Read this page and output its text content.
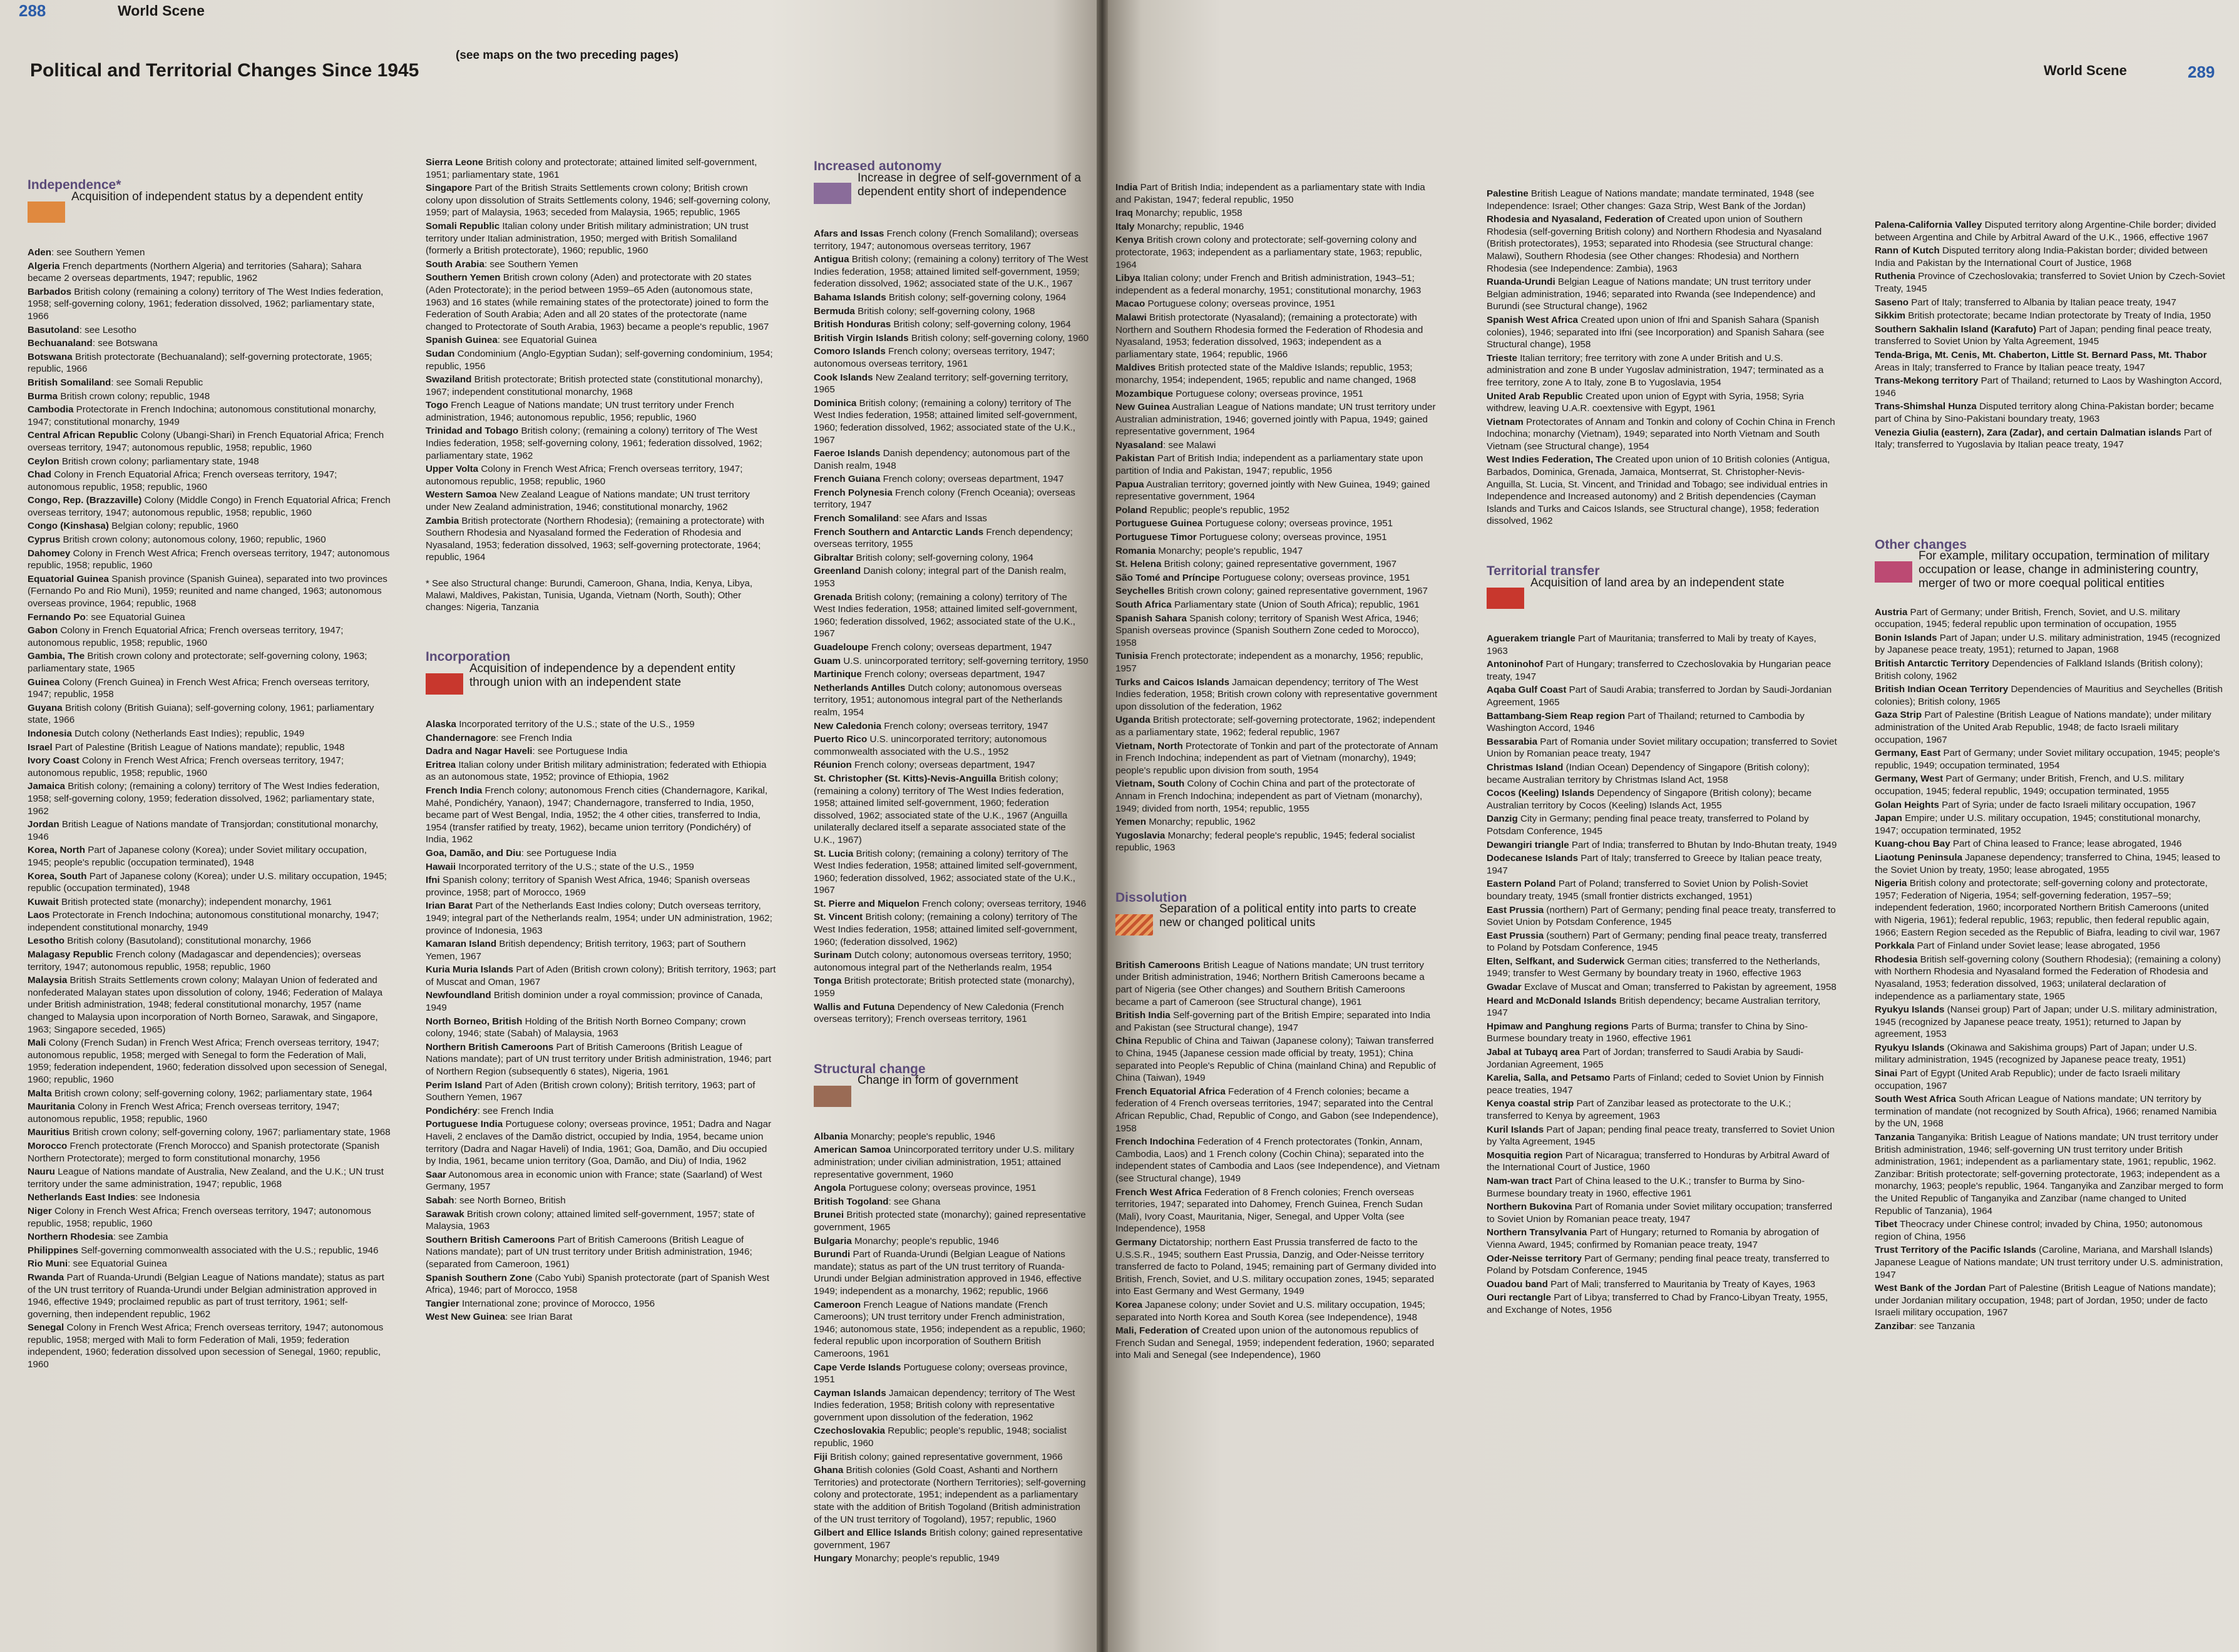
288	World Scene
Political and Territorial Changes Since 1945
(see maps on the two preceding pages)
Independence*
Acquisition of independent status by a dependent entity

Aden: see Southern Yemen

Algeria French departments (Northern Algeria) and territories (Sahara); Sahara became 2 overseas departments, 1947; republic, 1962

Barbados British colony (remaining a colony) territory of The West Indies federation, 1958; self-governing colony, 1961; federation dissolved, 1962; parliamentary state, 1966

Basutoland: see Lesotho

Bechuanaland: see Botswana

Botswana British protectorate (Bechuanaland); self-governing protectorate, 1965; republic, 1966

British Somaliland: see Somali Republic

Burma British crown colony; republic, 1948

Cambodia Protectorate in French Indochina; autonomous constitutional monarchy, 1947; constitutional monarchy, 1949

Central African Republic Colony (Ubangi-Shari) in French Equatorial Africa; French overseas territory, 1947; autonomous republic, 1958; republic, 1960

Ceylon British crown colony; parliamentary state, 1948

Chad Colony in French Equatorial Africa; French overseas territory, 1947; autonomous republic, 1958; republic, 1960

Congo, Rep. (Brazzaville) Colony (Middle Congo) in French Equatorial Africa; French overseas territory, 1947; autonomous republic, 1958; republic, 1960

Congo (Kinshasa) Belgian colony; republic, 1960

Cyprus British crown colony; autonomous colony, 1960; republic, 1960

Dahomey Colony in French West Africa; French overseas territory, 1947; autonomous republic, 1958; republic, 1960

Equatorial Guinea Spanish province (Spanish Guinea), separated into two provinces (Fernando Po and Rio Muni), 1959; reunited and name changed, 1963; autonomous overseas province, 1964; republic, 1968

Fernando Po: see Equatorial Guinea

Gabon Colony in French Equatorial Africa; French overseas territory, 1947; autonomous republic, 1958; republic, 1960

Gambia, The British crown colony and protectorate; self-governing colony, 1963; parliamentary state, 1965

Guinea Colony (French Guinea) in French West Africa; French overseas territory, 1947; republic, 1958

Guyana British colony (British Guiana); self-governing colony, 1961; parliamentary state, 1966

Indonesia Dutch colony (Netherlands East Indies); republic, 1949

Israel Part of Palestine (British League of Nations mandate); republic, 1948

Ivory Coast Colony in French West Africa; French overseas territory, 1947; autonomous republic, 1958; republic, 1960

Jamaica British colony; (remaining a colony) territory of The West Indies federation, 1958; self-governing colony, 1959; federation dissolved, 1962; parliamentary state, 1962

Jordan British League of Nations mandate of Transjordan; constitutional monarchy, 1946

Korea, North Part of Japanese colony (Korea); under Soviet military occupation, 1945; people's republic (occupation terminated), 1948

Korea, South Part of Japanese colony (Korea); under U.S. military occupation, 1945; republic (occupation terminated), 1948

Kuwait British protected state (monarchy); independent monarchy, 1961

Laos Protectorate in French Indochina; autonomous constitutional monarchy, 1947; independent constitutional monarchy, 1949

Lesotho British colony (Basutoland); constitutional monarchy, 1966

Malagasy Republic French colony (Madagascar and dependencies); overseas territory, 1947; autonomous republic, 1958; republic, 1960

Malaysia British Straits Settlements crown colony; Malayan Union of federated and nonfederated Malayan states upon dissolution of colony, 1946; Federation of Malaya under British administration, 1948; federal constitutional monarchy, 1957 (name changed to Malaysia upon incorporation of North Borneo, Sarawak, and Singapore, 1963; Singapore seceded, 1965)

Mali Colony (French Sudan) in French West Africa; French overseas territory, 1947; autonomous republic, 1958; merged with Senegal to form the Federation of Mali, 1959; federation independent, 1960; federation dissolved upon secession of Senegal, 1960; republic, 1960

Malta British crown colony; self-governing colony, 1962; parliamentary state, 1964

Mauritania Colony in French West Africa; French overseas territory, 1947; autonomous republic, 1958; republic, 1960

Mauritius British crown colony; self-governing colony, 1967; parliamentary state, 1968

Morocco French protectorate (French Morocco) and Spanish protectorate (Spanish Northern Protectorate); merged to form constitutional monarchy, 1956

Nauru League of Nations mandate of Australia, New Zealand, and the U.K.; UN trust territory under the same administration, 1947; republic, 1968

Netherlands East Indies: see Indonesia

Niger Colony in French West Africa; French overseas territory, 1947; autonomous republic, 1958; republic, 1960

Northern Rhodesia: see Zambia

Philippines Self-governing commonwealth associated with the U.S.; republic, 1946

Rio Muni: see Equatorial Guinea

Rwanda Part of Ruanda-Urundi (Belgian League of Nations mandate); status as part of the UN trust territory of Ruanda-Urundi under Belgian administration approved in 1946, effective 1949; proclaimed republic as part of trust territory, 1961; self-governing, then independent republic, 1962

Senegal Colony in French West Africa; French overseas territory, 1947; autonomous republic, 1958; merged with Mali to form Federation of Mali, 1959; federation independent, 1960; federation dissolved upon secession of Senegal, 1960; republic, 1960

Sierra Leone British colony and protectorate; attained limited self-government, 1951; parliamentary state, 1961

Singapore Part of the British Straits Settlements crown colony; British crown colony upon dissolution of Straits Settlements colony, 1946; self-governing colony, 1959; part of Malaysia, 1963; seceded from Malaysia, 1965; republic, 1965

Somali Republic Italian colony under British military administration; UN trust territory under Italian administration, 1950; merged with British Somaliland (formerly a British protectorate), 1960; republic, 1960

South Arabia: see Southern Yemen

Southern Yemen British crown colony (Aden) and protectorate with 20 states (Aden Protectorate); in the period between 1959–65 Aden (autonomous state, 1963) and 16 states (while remaining states of the protectorate) joined to form the Federation of South Arabia; Aden and all 20 states of the protectorate (name changed to Protectorate of South Arabia, 1963) became a people's republic, 1967

Spanish Guinea: see Equatorial Guinea

Sudan Condominium (Anglo-Egyptian Sudan); self-governing condominium, 1954; republic, 1956

Swaziland British protectorate; British protected state (constitutional monarchy), 1967; independent constitutional monarchy, 1968

Togo French League of Nations mandate; UN trust territory under French administration, 1946; autonomous republic, 1956; republic, 1960

Trinidad and Tobago British colony; (remaining a colony) territory of The West Indies federation, 1958; self-governing colony, 1961; federation dissolved, 1962; parliamentary state, 1962

Upper Volta Colony in French West Africa; French overseas territory, 1947; autonomous republic, 1958; republic, 1960

Western Samoa New Zealand League of Nations mandate; UN trust territory under New Zealand administration, 1946; constitutional monarchy, 1962

Zambia British protectorate (Northern Rhodesia); (remaining a protectorate) with Southern Rhodesia and Nyasaland formed the Federation of Rhodesia and Nyasaland, 1953; federation dissolved, 1963; self-governing protectorate, 1964; republic, 1964

* See also Structural change: Burundi, Cameroon, Ghana, India, Kenya, Libya, Malawi, Maldives, Pakistan, Tunisia, Uganda, Vietnam (North, South); Other changes: Nigeria, Tanzania
Incorporation
Acquisition of independence by a dependent entity through union with an independent state

Alaska Incorporated territory of the U.S.; state of the U.S., 1959

Chandernagore: see French India

Dadra and Nagar Haveli: see Portuguese India

Eritrea Italian colony under British military administration; federated with Ethiopia as an autonomous state, 1952; province of Ethiopia, 1962

French India French colony; autonomous French cities (Chandernagore, Karikal, Mahé, Pondichéry, Yanaon), 1947; Chandernagore, transferred to India, 1950, became part of West Bengal, India, 1952; the 4 other cities, transferred to India, 1954 (transfer ratified by treaty, 1962), became union territory (Pondichéry) of India, 1962

Goa, Damão, and Diu: see Portuguese India

Hawaii Incorporated territory of the U.S.; state of the U.S., 1959

Ifni Spanish colony; territory of Spanish West Africa, 1946; Spanish overseas province, 1958; part of Morocco, 1969

Irian Barat Part of the Netherlands East Indies colony; Dutch overseas territory, 1949; integral part of the Netherlands realm, 1954; under UN administration, 1962; province of Indonesia, 1963

Kamaran Island British dependency; British territory, 1963; part of Southern Yemen, 1967

Kuria Muria Islands Part of Aden (British crown colony); British territory, 1963; part of Muscat and Oman, 1967

Newfoundland British dominion under a royal commission; province of Canada, 1949

North Borneo, British Holding of the British North Borneo Company; crown colony, 1946; state (Sabah) of Malaysia, 1963

Northern British Cameroons Part of British Cameroons (British League of Nations mandate); part of UN trust territory under British administration, 1946; part of Northern Region (subsequently 6 states), Nigeria, 1961

Perim Island Part of Aden (British crown colony); British territory, 1963; part of Southern Yemen, 1967

Pondichéry: see French India

Portuguese India Portuguese colony; overseas province, 1951; Dadra and Nagar Haveli, 2 enclaves of the Damão district, occupied by India, 1954, became union territory (Dadra and Nagar Haveli) of India, 1961; Goa, Damão, and Diu occupied by India, 1961, became union territory (Goa, Damão, and Diu) of India, 1962

Saar Autonomous area in economic union with France; state (Saarland) of West Germany, 1957

Sabah: see North Borneo, British

Sarawak British crown colony; attained limited self-government, 1957; state of Malaysia, 1963

Southern British Cameroons Part of British Cameroons (British League of Nations mandate); part of UN trust territory under British administration, 1946; (separated from Cameroon, 1961)

Spanish Southern Zone (Cabo Yubi) Spanish protectorate (part of Spanish West Africa), 1946; part of Morocco, 1958

Tangier International zone; province of Morocco, 1956

West New Guinea: see Irian Barat

Increased autonomy
Increase in degree of self-government of a dependent entity short of independence

Afars and Issas French colony (French Somaliland); overseas territory, 1947; autonomous overseas territory, 1967

Antigua British colony; (remaining a colony) territory of The West Indies federation, 1958; attained limited self-government, 1959; federation dissolved, 1962; associated state of the U.K., 1967

Bahama Islands British colony; self-governing colony, 1964

Bermuda British colony; self-governing colony, 1968

British Honduras British colony; self-governing colony, 1964

British Virgin Islands British colony; self-governing colony, 1960

Comoro Islands French colony; overseas territory, 1947; autonomous overseas territory, 1961

Cook Islands New Zealand territory; self-governing territory, 1965

Dominica British colony; (remaining a colony) territory of The West Indies federation, 1958; attained limited self-government, 1960; federation dissolved, 1962; associated state of the U.K., 1967

Faeroe Islands Danish dependency; autonomous part of the Danish realm, 1948

French Guiana French colony; overseas department, 1947

French Polynesia French colony (French Oceania); overseas territory, 1947

French Somaliland: see Afars and Issas

French Southern and Antarctic Lands French dependency; overseas territory, 1955

Gibraltar British colony; self-governing colony, 1964

Greenland Danish colony; integral part of the Danish realm, 1953

Grenada British colony; (remaining a colony) territory of The West Indies federation, 1958; attained limited self-government, 1960; federation dissolved, 1962; associated state of the U.K., 1967

Guadeloupe French colony; overseas department, 1947

Guam U.S. unincorporated territory; self-governing territory, 1950

Martinique French colony; overseas department, 1947

Netherlands Antilles Dutch colony; autonomous overseas territory, 1951; autonomous integral part of the Netherlands realm, 1954

New Caledonia French colony; overseas territory, 1947

Puerto Rico U.S. unincorporated territory; autonomous commonwealth associated with the U.S., 1952

Réunion French colony; overseas department, 1947

St. Christopher (St. Kitts)-Nevis-Anguilla British colony; (remaining a colony) territory of The West Indies federation, 1958; attained limited self-government, 1960; federation dissolved, 1962; associated state of the U.K., 1967 (Anguilla unilaterally declared itself a separate associated state of the U.K., 1967)

St. Lucia British colony; (remaining a colony) territory of The West Indies federation, 1958; attained limited self-government, 1960; federation dissolved, 1962; associated state of the U.K., 1967

St. Pierre and Miquelon French colony; overseas territory, 1946

St. Vincent British colony; (remaining a colony) territory of The West Indies federation, 1958; attained limited self-government, 1960; (federation dissolved, 1962)

Surinam Dutch colony; autonomous overseas territory, 1950; autonomous integral part of the Netherlands realm, 1954

Tonga British protectorate; British protected state (monarchy), 1959

Wallis and Futuna Dependency of New Caledonia (French overseas territory); French overseas territory, 1961

Structural change
Change in form of government

Albania Monarchy; people's republic, 1946

American Samoa Unincorporated territory under U.S. military administration; under civilian administration, 1951; attained representative government, 1960

Angola Portuguese colony; overseas province, 1951

British Togoland: see Ghana

Brunei British protected state (monarchy); gained representative government, 1965

Bulgaria Monarchy; people's republic, 1946

Burundi Part of Ruanda-Urundi (Belgian League of Nations mandate); status as part of the UN trust territory of Ruanda-Urundi under Belgian administration approved in 1946, effective 1949; independent as a monarchy, 1962; republic, 1966

Cameroon French League of Nations mandate (French Cameroons); UN trust territory under French administration, 1946; autonomous state, 1956; independent as a republic, 1960; federal republic upon incorporation of Southern British Cameroons, 1961

Cape Verde Islands Portuguese colony; overseas province, 1951

Cayman Islands Jamaican dependency; territory of The West Indies federation, 1958; British colony with representative government upon dissolution of the federation, 1962

Czechoslovakia Republic; people's republic, 1948; socialist republic, 1960

Fiji British colony; gained representative government, 1966

Ghana British colonies (Gold Coast, Ashanti and Northern Territories) and protectorate (Northern Territories); self-governing colony and protectorate, 1951; independent as a parliamentary state with the addition of British Togoland (British administration of the UN trust territory of Togoland), 1957; republic, 1960

Gilbert and Ellice Islands British colony; gained representative government, 1967

Hungary Monarchy; people's republic, 1949

World Scene	289

India Part of British India; independent as a parliamentary state with India and Pakistan, 1947; federal republic, 1950

Iraq Monarchy; republic, 1958

Italy Monarchy; republic, 1946

Kenya British crown colony and protectorate; self-governing colony and protectorate, 1963; independent as a parliamentary state, 1963; republic, 1964

Libya Italian colony; under French and British administration, 1943–51; independent as a federal monarchy, 1951; constitutional monarchy, 1963

Macao Portuguese colony; overseas province, 1951

Malawi British protectorate (Nyasaland); (remaining a protectorate) with Northern and Southern Rhodesia formed the Federation of Rhodesia and Nyasaland, 1953; federation dissolved, 1963; independent as a parliamentary state, 1964; republic, 1966

Maldives British protected state of the Maldive Islands; republic, 1953; monarchy, 1954; independent, 1965; republic and name changed, 1968

Mozambique Portuguese colony; overseas province, 1951

New Guinea Australian League of Nations mandate; UN trust territory under Australian administration, 1946; governed jointly with Papua, 1949; gained representative government, 1964

Nyasaland: see Malawi

Pakistan Part of British India; independent as a parliamentary state upon partition of India and Pakistan, 1947; republic, 1956

Papua Australian territory; governed jointly with New Guinea, 1949; gained representative government, 1964

Poland Republic; people's republic, 1952

Portuguese Guinea Portuguese colony; overseas province, 1951

Portuguese Timor Portuguese colony; overseas province, 1951

Romania Monarchy; people's republic, 1947

St. Helena British colony; gained representative government, 1967

São Tomé and Príncipe Portuguese colony; overseas province, 1951

Seychelles British crown colony; gained representative government, 1967

South Africa Parliamentary state (Union of South Africa); republic, 1961

Spanish Sahara Spanish colony; territory of Spanish West Africa, 1946; Spanish overseas province (Spanish Southern Zone ceded to Morocco), 1958

Tunisia French protectorate; independent as a monarchy, 1956; republic, 1957

Turks and Caicos Islands Jamaican dependency; territory of The West Indies federation, 1958; British crown colony with representative government upon dissolution of the federation, 1962

Uganda British protectorate; self-governing protectorate, 1962; independent as a parliamentary state, 1962; federal republic, 1967

Vietnam, North Protectorate of Tonkin and part of the protectorate of Annam in French Indochina; independent as part of Vietnam (monarchy), 1949; people's republic upon division from south, 1954

Vietnam, South Colony of Cochin China and part of the protectorate of Annam in French Indochina; independent as part of Vietnam (monarchy), 1949; divided from north, 1954; republic, 1955

Yemen Monarchy; republic, 1962

Yugoslavia Monarchy; federal people's republic, 1945; federal socialist republic, 1963

Dissolution
Separation of a political entity into parts to create new or changed political units

British Cameroons British League of Nations mandate; UN trust territory under British administration, 1946; Northern British Cameroons became a part of Nigeria (see Other changes) and Southern British Cameroons became a part of Cameroon (see Structural change), 1961

British India Self-governing part of the British Empire; separated into India and Pakistan (see Structural change), 1947

China Republic of China and Taiwan (Japanese colony); Taiwan transferred to China, 1945 (Japanese cession made official by treaty, 1951); China separated into People's Republic of China (mainland China) and Republic of China (Taiwan), 1949

French Equatorial Africa Federation of 4 French colonies; became a federation of 4 French overseas territories, 1947; separated into the Central African Republic, Chad, Republic of Congo, and Gabon (see Independence), 1958

French Indochina Federation of 4 French protectorates (Tonkin, Annam, Cambodia, Laos) and 1 French colony (Cochin China); separated into the independent states of Cambodia and Laos (see Independence), and Vietnam (see Structural change), 1949

French West Africa Federation of 8 French colonies; French overseas territories, 1947; separated into Dahomey, French Guinea, French Sudan (Mali), Ivory Coast, Mauritania, Niger, Senegal, and Upper Volta (see Independence), 1958

Germany Dictatorship; northern East Prussia transferred de facto to the U.S.S.R., 1945; southern East Prussia, Danzig, and Oder-Neisse territory transferred de facto to Poland, 1945; remaining part of Germany divided into British, French, Soviet, and U.S. military occupation zones, 1945; separated into East Germany and West Germany, 1949

Korea Japanese colony; under Soviet and U.S. military occupation, 1945; separated into North Korea and South Korea (see Independence), 1948

Mali, Federation of Created upon union of the autonomous republics of French Sudan and Senegal, 1959; independent federation, 1960; separated into Mali and Senegal (see Independence), 1960

Palestine British League of Nations mandate; mandate terminated, 1948 (see Independence: Israel; Other changes: Gaza Strip, West Bank of the Jordan)

Rhodesia and Nyasaland, Federation of Created upon union of Southern Rhodesia (self-governing British colony) and Northern Rhodesia and Nyasaland (British protectorates), 1953; separated into Rhodesia (see Structural change: Malawi), Southern Rhodesia (see Other changes: Rhodesia) and Northern Rhodesia (see Independence: Zambia), 1963

Ruanda-Urundi Belgian League of Nations mandate; UN trust territory under Belgian administration, 1946; separated into Rwanda (see Independence) and Burundi (see Structural change), 1962

Spanish West Africa Created upon union of Ifni and Spanish Sahara (Spanish colonies), 1946; separated into Ifni (see Incorporation) and Spanish Sahara (see Structural change), 1958

Trieste Italian territory; free territory with zone A under British and U.S. administration and zone B under Yugoslav administration, 1947; terminated as a free territory, zone A to Italy, zone B to Yugoslavia, 1954

United Arab Republic Created upon union of Egypt with Syria, 1958; Syria withdrew, leaving U.A.R. coextensive with Egypt, 1961

Vietnam Protectorates of Annam and Tonkin and colony of Cochin China in French Indochina; monarchy (Vietnam), 1949; separated into North Vietnam and South Vietnam (see Structural change), 1954

West Indies Federation, The Created upon union of 10 British colonies (Antigua, Barbados, Dominica, Grenada, Jamaica, Montserrat, St. Christopher-Nevis-Anguilla, St. Lucia, St. Vincent, and Trinidad and Tobago; see individual entries in Independence and Increased autonomy) and 2 British dependencies (Cayman Islands and Turks and Caicos Islands, see Structural change), 1958; federation dissolved, 1962

Territorial transfer
Acquisition of land area by an independent state

Aguerakem triangle Part of Mauritania; transferred to Mali by treaty of Kayes, 1963

Antoninohof Part of Hungary; transferred to Czechoslovakia by Hungarian peace treaty, 1947

Aqaba Gulf Coast Part of Saudi Arabia; transferred to Jordan by Saudi-Jordanian Agreement, 1965

Battambang-Siem Reap region Part of Thailand; returned to Cambodia by Washington Accord, 1946

Bessarabia Part of Romania under Soviet military occupation; transferred to Soviet Union by Romanian peace treaty, 1947

Christmas Island (Indian Ocean) Dependency of Singapore (British colony); became Australian territory by Christmas Island Act, 1958

Cocos (Keeling) Islands Dependency of Singapore (British colony); became Australian territory by Cocos (Keeling) Islands Act, 1955

Danzig City in Germany; pending final peace treaty, transferred to Poland by Potsdam Conference, 1945

Dewangiri triangle Part of India; transferred to Bhutan by Indo-Bhutan treaty, 1949

Dodecanese Islands Part of Italy; transferred to Greece by Italian peace treaty, 1947

Eastern Poland Part of Poland; transferred to Soviet Union by Polish-Soviet boundary treaty, 1945 (small frontier districts exchanged, 1951)

East Prussia (northern) Part of Germany; pending final peace treaty, transferred to Soviet Union by Potsdam Conference, 1945

East Prussia (southern) Part of Germany; pending final peace treaty, transferred to Poland by Potsdam Conference, 1945

Elten, Selfkant, and Suderwick German cities; transferred to the Netherlands, 1949; transfer to West Germany by boundary treaty in 1960, effective 1963

Gwadar Exclave of Muscat and Oman; transferred to Pakistan by agreement, 1958

Heard and McDonald Islands British dependency; became Australian territory, 1947

Hpimaw and Panghung regions Parts of Burma; transfer to China by Sino-Burmese boundary treaty in 1960, effective 1961

Jabal at Tubayq area Part of Jordan; transferred to Saudi Arabia by Saudi-Jordanian Agreement, 1965

Karelia, Salla, and Petsamo Parts of Finland; ceded to Soviet Union by Finnish peace treaties, 1947

Kenya coastal strip Part of Zanzibar leased as protectorate to the U.K.; transferred to Kenya by agreement, 1963

Kuril Islands Part of Japan; pending final peace treaty, transferred to Soviet Union by Yalta Agreement, 1945

Mosquitia region Part of Nicaragua; transferred to Honduras by Arbitral Award of the International Court of Justice, 1960

Nam-wan tract Part of China leased to the U.K.; transfer to Burma by Sino-Burmese boundary treaty in 1960, effective 1961

Northern Bukovina Part of Romania under Soviet military occupation; transferred to Soviet Union by Romanian peace treaty, 1947

Northern Transylvania Part of Hungary; returned to Romania by abrogation of Vienna Award, 1945; confirmed by Romanian peace treaty, 1947

Oder-Neisse territory Part of Germany; pending final peace treaty, transferred to Poland by Potsdam Conference, 1945

Ouadou band Part of Mali; transferred to Mauritania by Treaty of Kayes, 1963

Ouri rectangle Part of Libya; transferred to Chad by Franco-Libyan Treaty, 1955, and Exchange of Notes, 1956

Palena-California Valley Disputed territory along Argentine-Chile border; divided between Argentina and Chile by Arbitral Award of the U.K., 1966, effective 1967

Rann of Kutch Disputed territory along India-Pakistan border; divided between India and Pakistan by the International Court of Justice, 1968

Ruthenia Province of Czechoslovakia; transferred to Soviet Union by Czech-Soviet Treaty, 1945

Saseno Part of Italy; transferred to Albania by Italian peace treaty, 1947

Sikkim British protectorate; became Indian protectorate by Treaty of India, 1950

Southern Sakhalin Island (Karafuto) Part of Japan; pending final peace treaty, transferred to Soviet Union by Yalta Agreement, 1945

Tenda-Briga, Mt. Cenis, Mt. Chaberton, Little St. Bernard Pass, Mt. Thabor Areas in Italy; transferred to France by Italian peace treaty, 1947

Trans-Mekong territory Part of Thailand; returned to Laos by Washington Accord, 1946

Trans-Shimshal Hunza Disputed territory along China-Pakistan border; became part of China by Sino-Pakistani boundary treaty, 1963

Venezia Giulia (eastern), Zara (Zadar), and certain Dalmatian islands Part of Italy; transferred to Yugoslavia by Italian peace treaty, 1947

Other changes
For example, military occupation, termination of military occupation or lease, change in administering country, merger of two or more coequal political entities

Austria Part of Germany; under British, French, Soviet, and U.S. military occupation, 1945; federal republic upon termination of occupation, 1955

Bonin Islands Part of Japan; under U.S. military administration, 1945 (recognized by Japanese peace treaty, 1951); returned to Japan, 1968

British Antarctic Territory Dependencies of Falkland Islands (British colony); British colony, 1962

British Indian Ocean Territory Dependencies of Mauritius and Seychelles (British colonies); British colony, 1965

Gaza Strip Part of Palestine (British League of Nations mandate); under military administration of the United Arab Republic, 1948; de facto Israeli military occupation, 1967

Germany, East Part of Germany; under Soviet military occupation, 1945; people's republic, 1949; occupation terminated, 1954

Germany, West Part of Germany; under British, French, and U.S. military occupation, 1945; federal republic, 1949; occupation terminated, 1955

Golan Heights Part of Syria; under de facto Israeli military occupation, 1967

Japan Empire; under U.S. military occupation, 1945; constitutional monarchy, 1947; occupation terminated, 1952

Kuang-chou Bay Part of China leased to France; lease abrogated, 1946

Liaotung Peninsula Japanese dependency; transferred to China, 1945; leased to the Soviet Union by treaty, 1950; lease abrogated, 1955

Nigeria British colony and protectorate; self-governing colony and protectorate, 1957; Federation of Nigeria, 1954; self-governing federation, 1957–59; independent federation, 1960; incorporated Northern British Cameroons (united with Nigeria, 1961); federal republic, 1963; republic, then federal republic again, 1966; Eastern Region seceded as the Republic of Biafra, leading to civil war, 1967

Porkkala Part of Finland under Soviet lease; lease abrogated, 1956

Rhodesia British self-governing colony (Southern Rhodesia); (remaining a colony) with Northern Rhodesia and Nyasaland formed the Federation of Rhodesia and Nyasaland, 1953; federation dissolved, 1963; unilateral declaration of independence as a parliamentary state, 1965

Ryukyu Islands (Nansei group) Part of Japan; under U.S. military administration, 1945 (recognized by Japanese peace treaty, 1951); returned to Japan by agreement, 1953

Ryukyu Islands (Okinawa and Sakishima groups) Part of Japan; under U.S. military administration, 1945 (recognized by Japanese peace treaty, 1951)

Sinai Part of Egypt (United Arab Republic); under de facto Israeli military occupation, 1967

South West Africa South African League of Nations mandate; UN territory by termination of mandate (not recognized by South Africa), 1966; renamed Namibia by the UN, 1968

Tanzania Tanganyika: British League of Nations mandate; UN trust territory under British administration, 1946; self-governing UN trust territory under British administration, 1961; independent as a parliamentary state, 1961; republic, 1962. Zanzibar: British protectorate; self-governing protectorate, 1963; independent as a monarchy, 1963; people's republic, 1964. Tanganyika and Zanzibar merged to form the United Republic of Tanganyika and Zanzibar (name changed to United Republic of Tanzania), 1964

Tibet Theocracy under Chinese control; invaded by China, 1950; autonomous region of China, 1956

Trust Territory of the Pacific Islands (Caroline, Mariana, and Marshall Islands) Japanese League of Nations mandate; UN trust territory under U.S. administration, 1947

West Bank of the Jordan Part of Palestine (British League of Nations mandate); under Jordanian military occupation, 1948; part of Jordan, 1950; under de facto Israeli military occupation, 1967

Zanzibar: see Tanzania
